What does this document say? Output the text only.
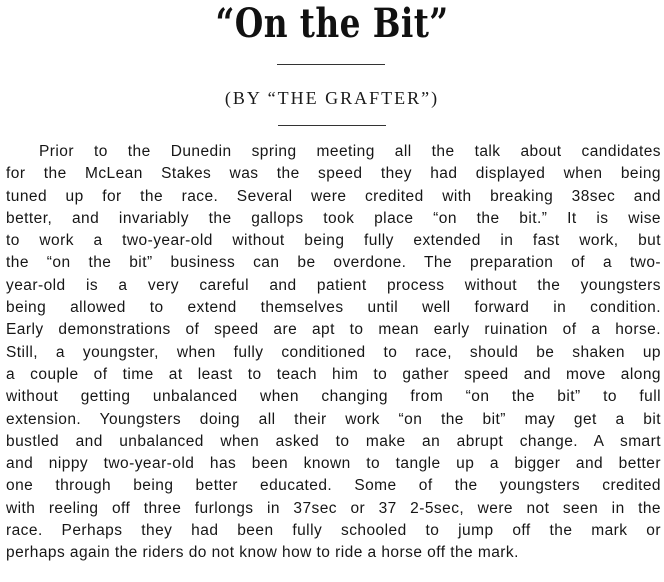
“On the Bit”
(BY “THE GRAFTER”)
Prior to the Dunedin spring meeting all the talk about candidates
for the McLean Stakes was the speed they had displayed when being
tuned up for the race. Several were credited with breaking 38sec and
better, and invariably the gallops took place “on the bit.” It is wise
to work a two-year-old without being fully extended in fast work, but
the “on the bit” business can be overdone. The preparation of a two-
year-old is a very careful and patient process without the youngsters
being allowed to extend themselves until well forward in condition.
Early demonstrations of speed are apt to mean early ruination of a horse.
Still, a youngster, when fully conditioned to race, should be shaken up
a couple of time at least to teach him to gather speed and move along
without getting unbalanced when changing from “on the bit” to full
extension. Youngsters doing all their work “on the bit” may get a bit
bustled and unbalanced when asked to make an abrupt change. A smart
and nippy two-year-old has been known to tangle up a bigger and better
one through being better educated. Some of the youngsters credited
with reeling off three furlongs in 37sec or 37 2-5sec, were not seen in the
race. Perhaps they had been fully schooled to jump off the mark or
perhaps again the riders do not know how to ride a horse off the mark.
